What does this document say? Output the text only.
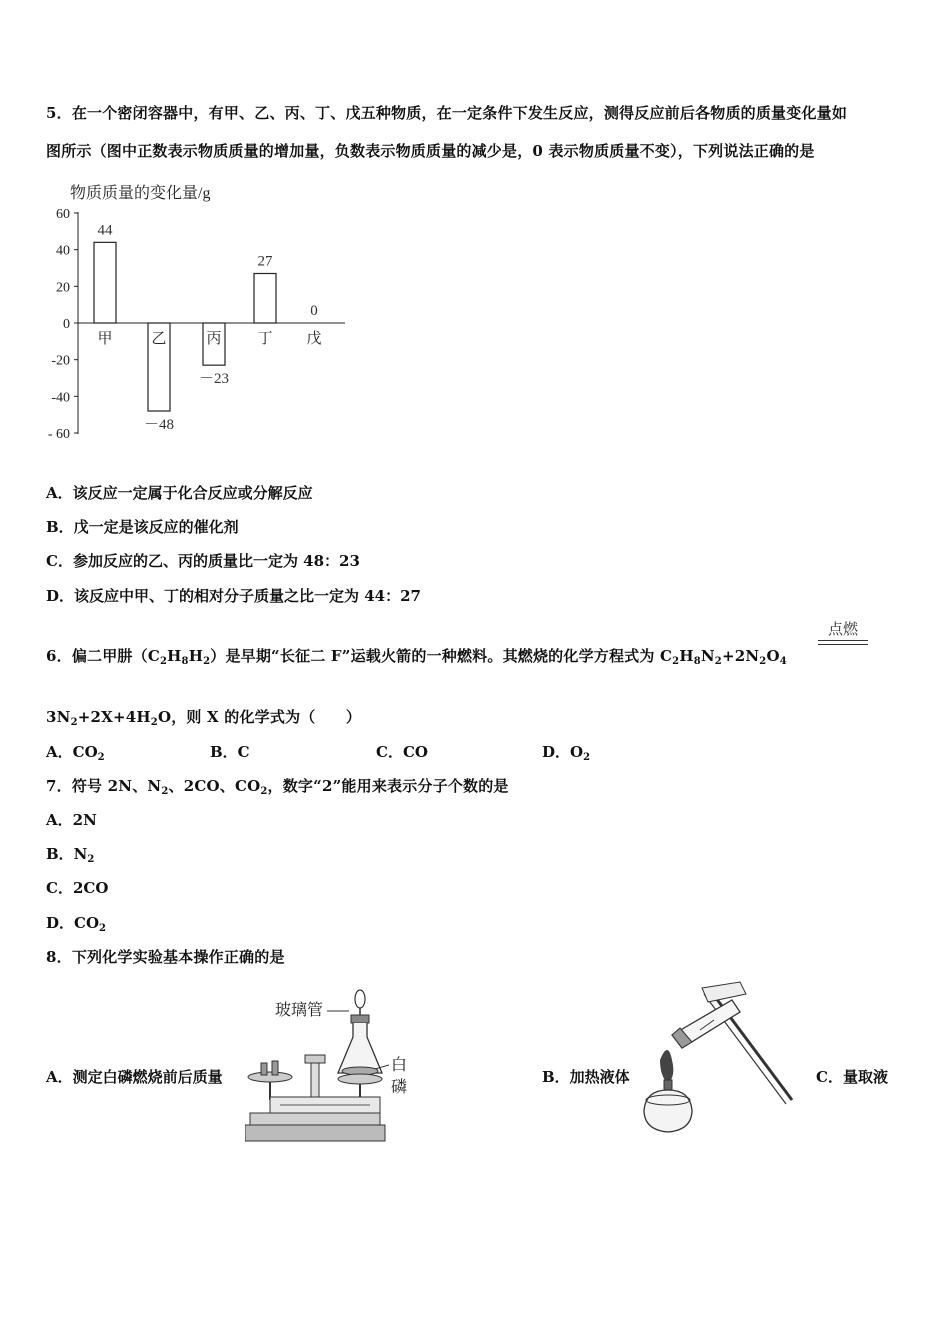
5．在一个密闭容器中，有甲、乙、丙、丁、戊五种物质，在一定条件下发生反应，测得反应前后各物质的质量变化量如
图所示（图中正数表示物质质量的增加量，负数表示物质质量的减少是，0 表示物质质量不变），下列说法正确的是
物质质量的变化量/g
60
40
20
0
-20
-40
- 60
44
甲
－48
乙
－23
丙
27
丁
0
戊
A．该反应一定属于化合反应或分解反应
B．戊一定是该反应的催化剂
C．参加反应的乙、丙的质量比一定为 48：23
D．该反应中甲、丁的相对分子质量之比一定为 44：27
6．偏二甲肼$(C_2H_8H_2)$是早期“长征二 F”运载火箭的一种燃料。其燃烧的化学方程式为 $C_2H_8N_2+2N_2O_4$
点燃
$3N_2+2X+4H_2O$，则 X 的化学式为（　　）
A．$CO_2$	B．C	C．CO	D．$O_2$
7．符号 2N、$N_2$、2CO、$CO_2$，数字“2”能用来表示分子个数的是
A．2N
B．$N_2$
C．2CO
D．$CO_2$
8．下列化学实验基本操作正确的是
A．测定白磷燃烧前后质量
玻璃管
白
磷
B．加热液体	C．量取液
